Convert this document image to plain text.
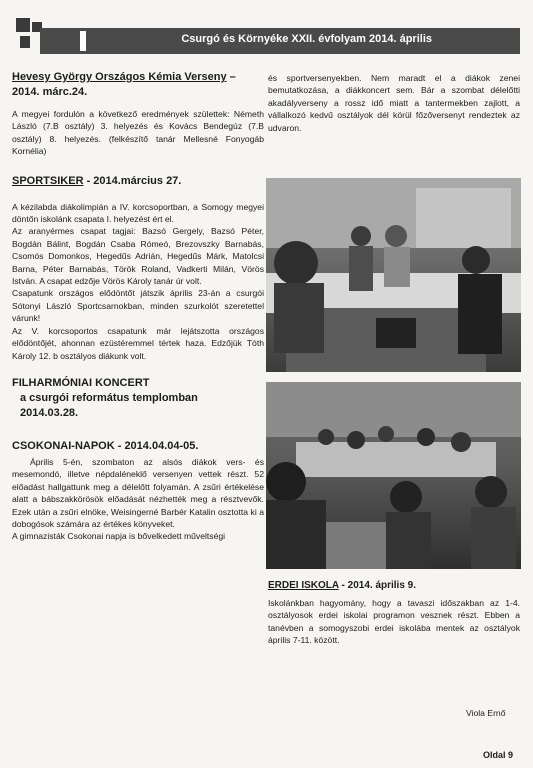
Csurgó és Környéke XXII. évfolyam 2014. április
Hevesy György Országos Kémia Verseny – 2014. márc.24.

A megyei fordulón a következő eredmények születtek: Németh László (7.B osztály) 3. helyezés és Kovács Bendegúz (7.B osztály) 8. helyezés. (felkészítő tanár Mellesné Fonyogáb Kornélia)

SPORTSIKER - 2014.március 27.

A kézilabda diákolimpián a IV. korcsoportban, a Somogy megyei döntőn iskolánk csapata I. helyezést ért el.

Az aranyérmes csapat tagjai: Bazsó Gergely, Bazsó Péter, Bogdán Bálint, Bogdán Csaba Rómeó, Brezovszky Barnabás, Csomós Domonkos, Hegedűs Adrián, Hegedűs Márk, Matolcsi Barna, Péter Barnabás, Török Roland, Vadkerti Milán, Vörös István. A csapat edzője Vörös Károly tanár úr volt.

Csapatunk országos elődöntőt játszik április 23-án a csurgói Sótonyi László Sportcsarnokban, minden szurkolót szeretettel várunk!

Az V. korcsoportos csapatunk már lejátszotta országos elődöntőjét, ahonnan ezüstéremmel tértek haza. Edzőjük Tóth Károly 12. b osztályos diákunk volt.

FILHARMÓNIAI KONCERT
a csurgói református templomban
2014.03.28.
CSOKONAI-NAPOK - 2014.04.04-05.

Április 5-én, szombaton az alsós diákok vers- és mesemondó, illetve népdaléneklő versenyen vettek részt. 52 előadást hallgattunk meg a délelőtt folyamán. A zsűri értékelése alatt a bábszakkörösök előadását nézhették meg a résztvevők. Ezek után a zsűri elnöke, Weisingerné Barbér Katalin osztotta ki a dobogósok számára az értékes könyveket.

A gimnazisták Csokonai napja is bővelkedett műveltségi

és sportversenyekben. Nem maradt el a diákok zenei bemutatkozása, a diákkoncert sem. Bár a szombat délelőtti akadályverseny a rossz idő miatt a tantermekben zajlott, a vállalkozó kedvű osztályok dél körül főzőversenyt rendeztek az udvaron.

ERDEI ISKOLA - 2014. április 9.

Iskolánkban hagyomány, hogy a tavaszi időszakban az 1-4. osztályosok erdei iskolai programon vesznek részt. Ebben a tanévben a somogyszobi erdei iskolába mentek az osztályok április 7-11. között.

Viola Ernő
Oldal 9
